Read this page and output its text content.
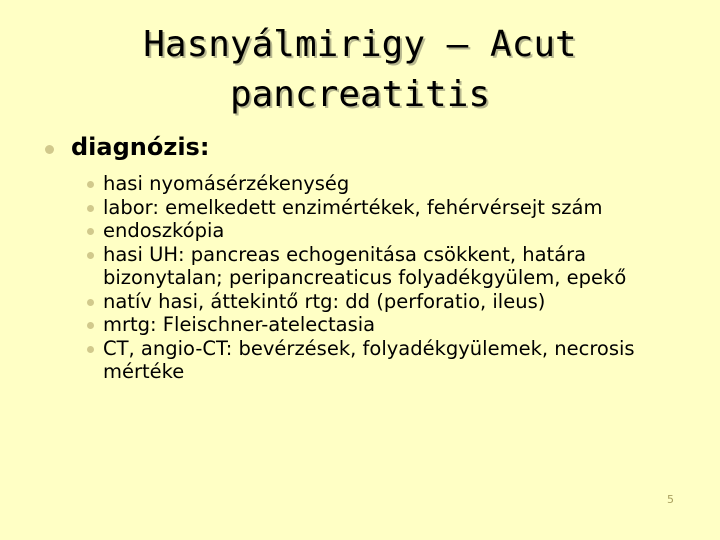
Hasnyálmirigy – Acut
pancreatitis
diagnózis:
hasi nyomásérzékenység
labor: emelkedett enzimértékek, fehérvérsejt szám
endoszkópia
hasi UH: pancreas echogenitása csökkent, határa bizonytalan; peripancreaticus folyadékgyülem, epekő
natív hasi, áttekintő rtg: dd (perforatio, ileus)
mrtg: Fleischner-atelectasia
CT, angio-CT: bevérzések, folyadékgyülemek, necrosis mértéke
5
